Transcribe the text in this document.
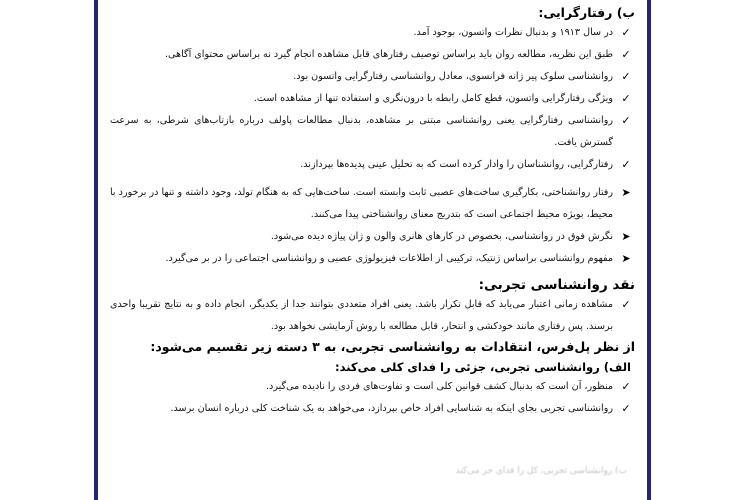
ب) رفتارگرایی:

✓
در سال ۱۹۱۳ و بدنبال نظرات واتسون، بوجود آمد.

✓
طبق این نظریه، مطالعه روان باید براساس توصیف رفتارهای قابل مشاهده انجام گیرد نه براساس محتوای آگاهی.

✓
روانشناسی سلوک پیر ژانه فرانسوی، معادل روانشناسی رفتارگرایی واتسون بود.

✓
ویژگی رفتارگرایی واتسون، قطع کامل رابطه با درون‌نگری و استفاده تنها از مشاهده است.

✓
روانشناسی رفتارگرایی یعنی روانشناسی مبتنی بر مشاهده، بدنبال مطالعات پاولف درباره بازتاب‌های شرطی، به سرعت گسترش یافت.

✓
رفتارگرایی، روانشناسان را وادار کرده است که به تحلیل عینی پدیده‌ها بپردازند.

➤
رفتار روانشناختی، بکارگیری ساخت‌های عصبی ثابت وابسته است. ساخت‌هایی که به هنگام تولد، وجود داشته و تنها در برخورد با محیط، بویژه محیط اجتماعی است که بتدریج معنای روانشناختی پیدا می‌کنند.

➤
نگرش فوق در روانشناسی، بخصوص در کارهای هانری والون و ژان پیاژه دیده می‌شود.

➤
مفهوم روانشناسی براساس ژنتیک، ترکیبی از اطلاعات فیزیولوژی عصبی و روانشناسی اجتماعی را در بر می‌گیرد.

نقد روانشناسی تجربی:

✓
مشاهده زمانی اعتبار می‌یابد که قابل تکرار باشد. یعنی افراد متعددی بتوانند جدا از یکدیگر، انجام داده و به نتایج تقریبا واحدی برسند. پس رفتاری مانند خودکشی و انتحار، قابل مطالعه با روش آزمایشی نخواهد بود.

از نظر پل‌فرس، انتقادات به روانشناسی تجربی، به ۳ دسته زیر تقسیم می‌شود:

الف) روانشناسی تجربی، جزئی را فدای کلی می‌کند:

✓
منظور، آن است که بدنبال کشف قوانین کلی است و تفاوت‌های فردی را نادیده می‌گیرد.

✓
روانشناسی تجربی بجای اینکه به شناسایی افراد خاص بپردازد، می‌خواهد به یک شناخت کلی درباره انسان برسد.

ب) روانشناسی تجربی، کل را فدای جز می‌کند
